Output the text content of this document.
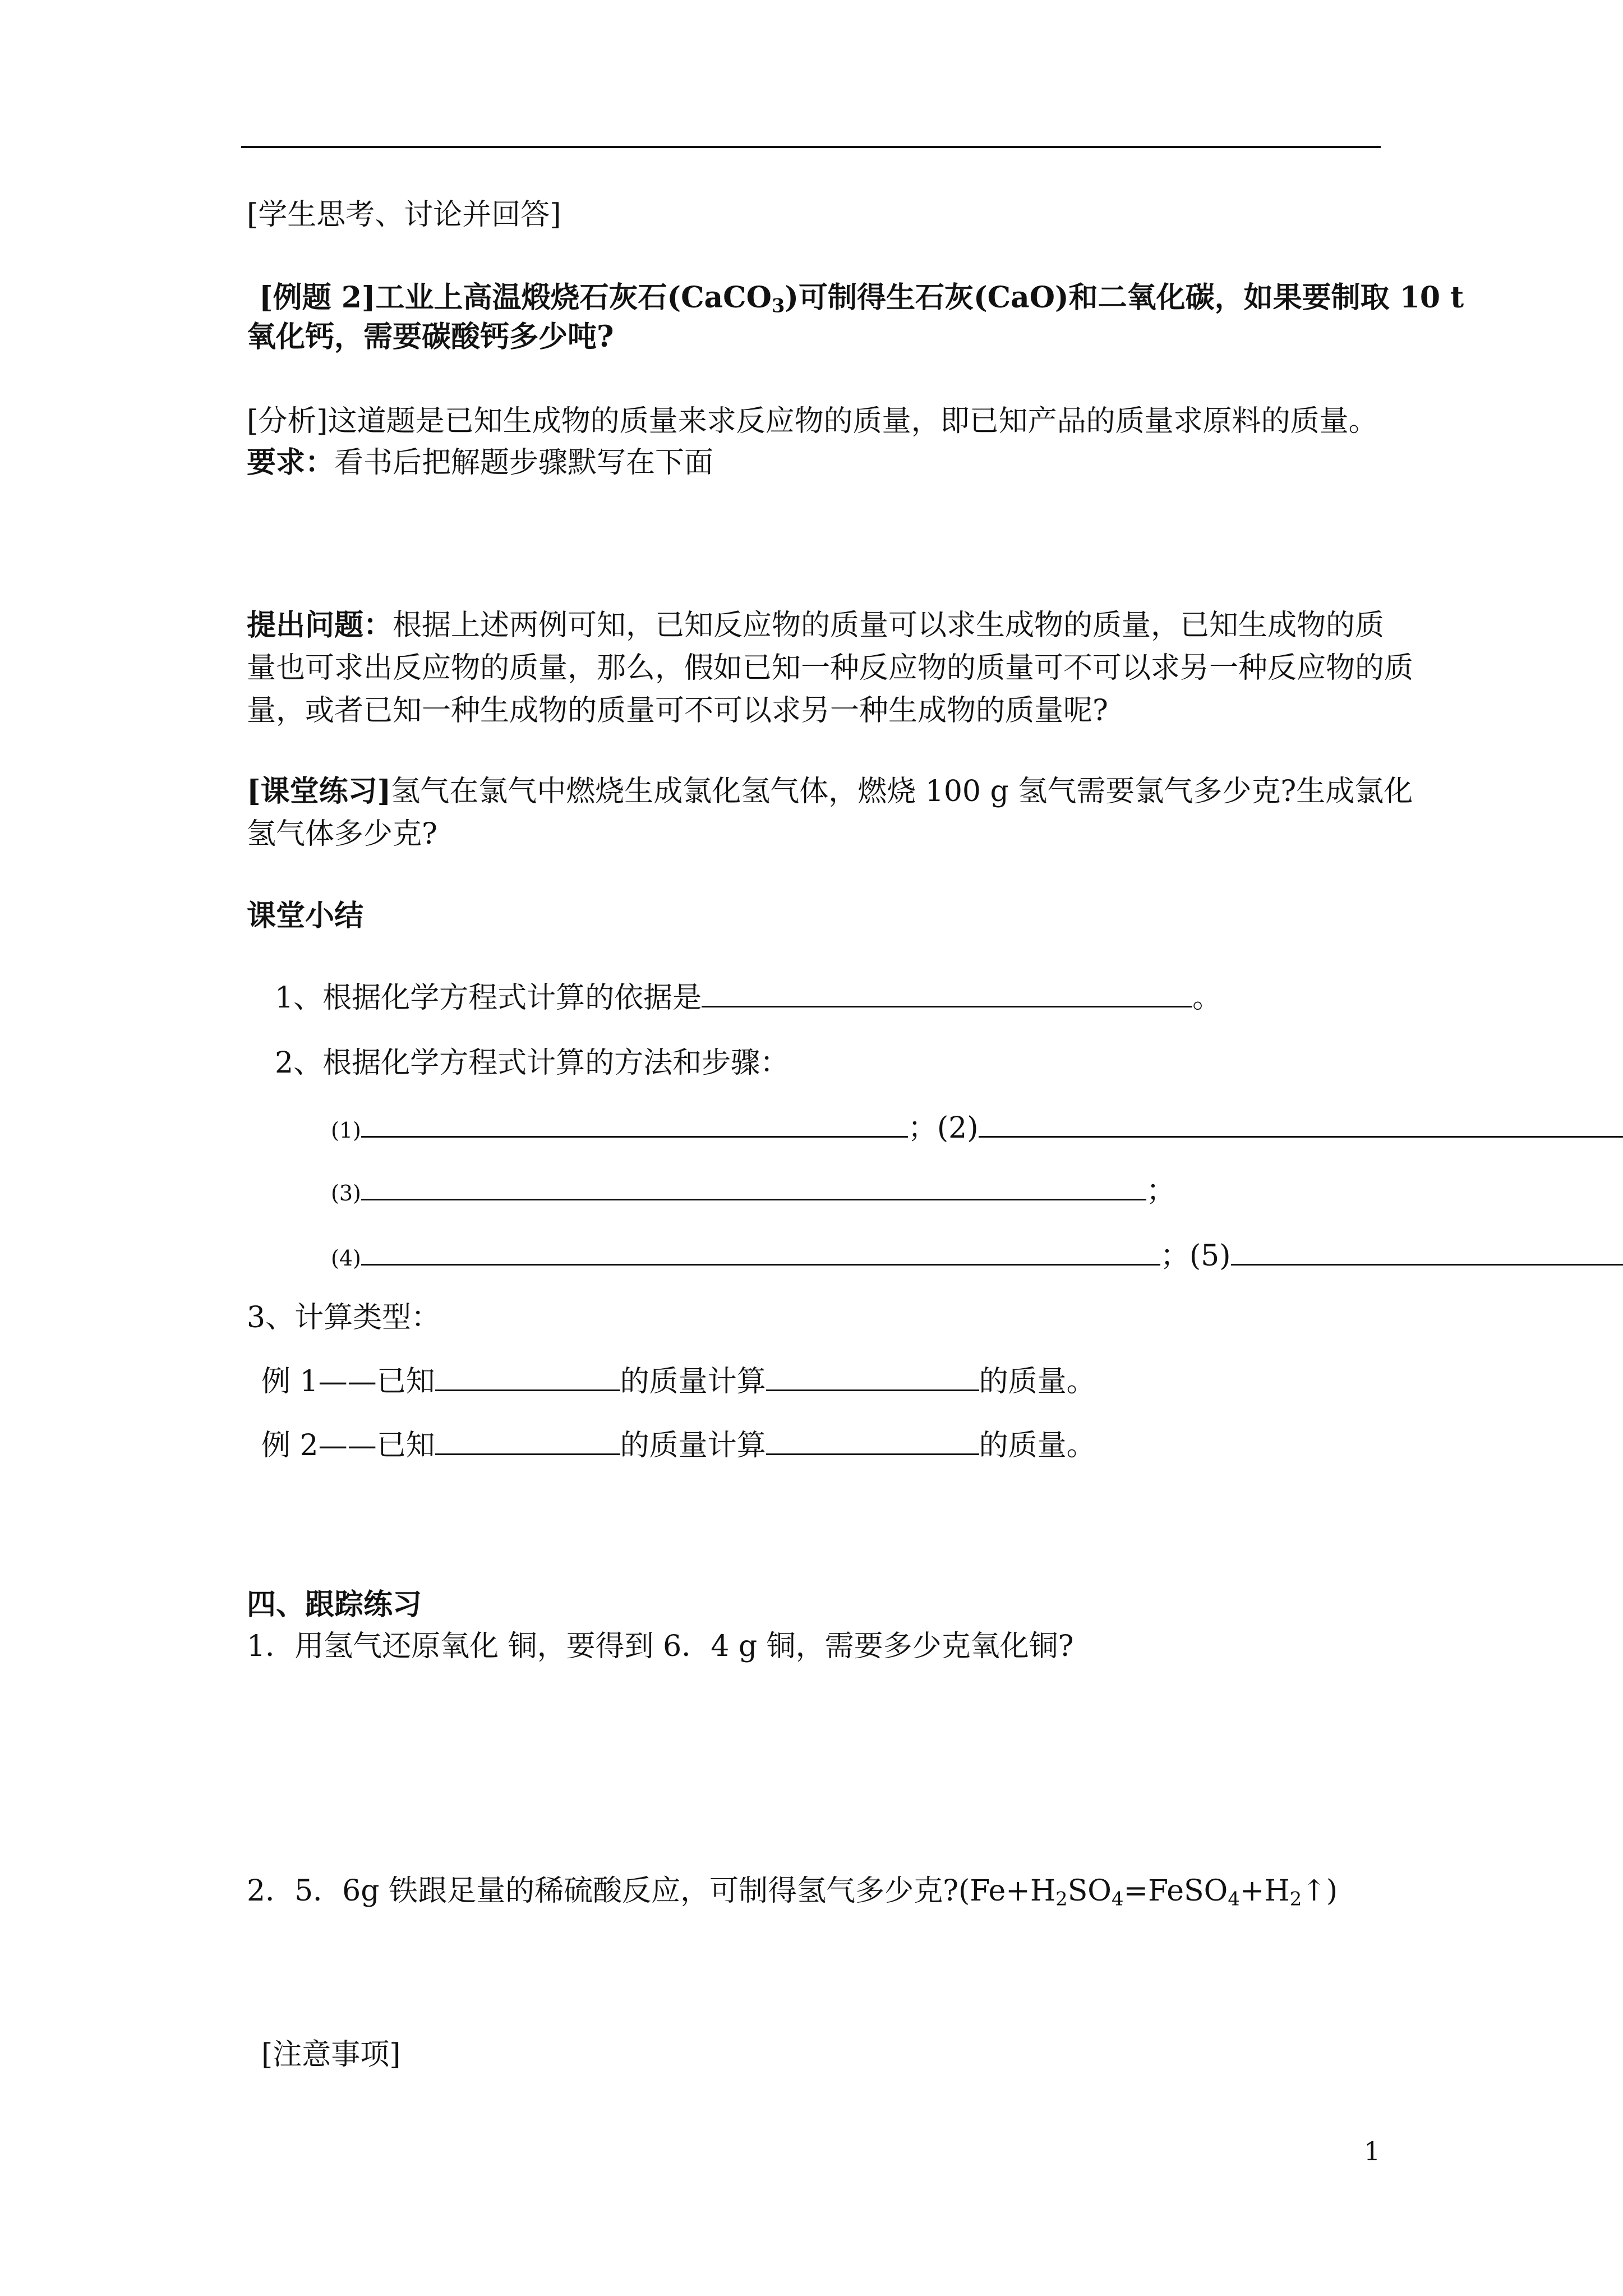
[学生思考、讨论并回答]
[例题 2]工业上高温煅烧石灰石(CaCO$_3$)可制得生石灰(CaO)和二氧化碳，如果要制取 10 t
氧化钙，需要碳酸钙多少吨?
[分析]这道题是已知生成物的质量来求反应物的质量，即已知产品的质量求原料的质量。
要求：看书后把解题步骤默写在下面
提出问题：根据上述两例可知，已知反应物的质量可以求生成物的质量，已知生成物的质
量也可求出反应物的质量，那么，假如已知一种反应物的质量可不可以求另一种反应物的质
量，或者已知一种生成物的质量可不可以求另一种生成物的质量呢?
[课堂练习]氢气在氯气中燃烧生成氯化氢气体，燃烧 100 g 氢气需要氯气多少克?生成氯化
氢气体多少克?
课堂小结
1、根据化学方程式计算的依据是	。
2、根据化学方程式计算的方法和步骤：
(1)	；(2)
(3)	；
(4)	；(5)
3、计算类型：
例 1——已知	的质量计算	的质量。
例 2——已知	的质量计算	的质量。
四、跟踪练习
1．用氢气还原氧化 铜，要得到 6．4 g 铜，需要多少克氧化铜?
2．5．6g 铁跟足量的稀硫酸反应，可制得氢气多少克$?(Fe+H_2SO_4=FeSO_4+H_2↑)$
[注意事项]
1
